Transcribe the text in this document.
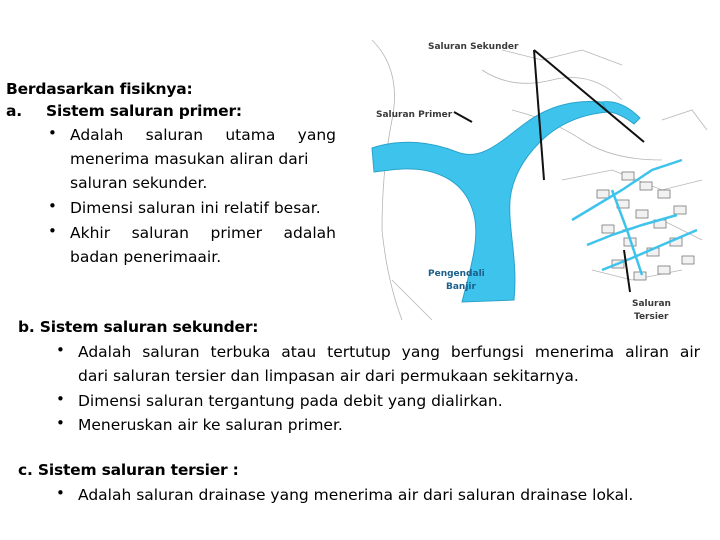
Berdasarkan fisiknya:
a. Sistem saluran primer:
• Adalah saluran utama yang
menerima masukan aliran dari
saluran sekunder.
• Dimensi saluran ini relatif besar.
• Akhir saluran primer adalah
badan penerimaair.
Saluran Sekunder
Saluran Primer
Pengendali
Banjir
Saluran
Tersier
b. Sistem saluran sekunder:
• Adalah saluran terbuka atau tertutup yang berfungsi menerima aliran air
dari saluran tersier dan limpasan air dari permukaan sekitarnya.
• Dimensi saluran tergantung pada debit yang dialirkan.
• Meneruskan air ke saluran primer.
c. Sistem saluran tersier :
• Adalah saluran drainase yang menerima air dari saluran drainase lokal.
